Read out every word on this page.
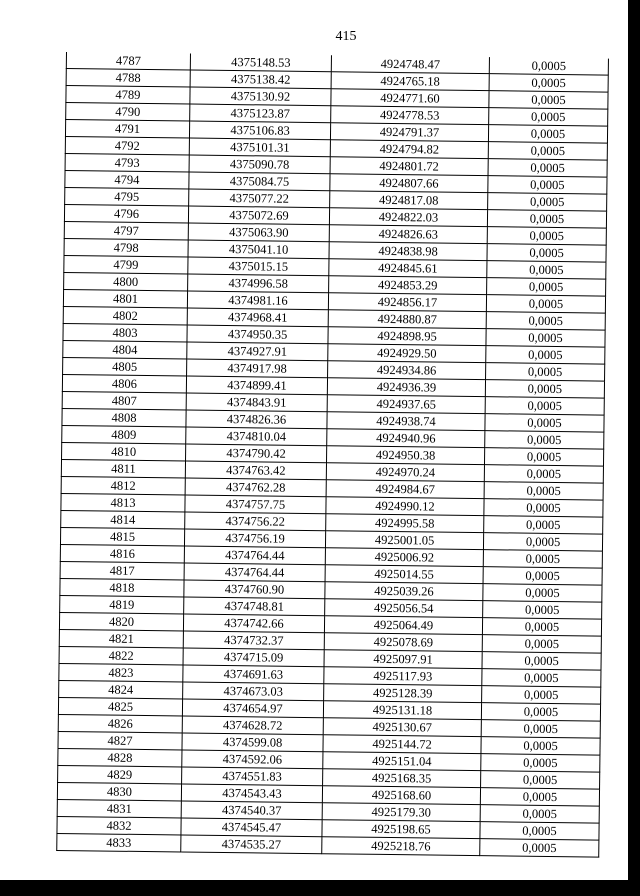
415
4787	4375148.53	4924748.47	0,0005
4788	4375138.42	4924765.18	0,0005
4789	4375130.92	4924771.60	0,0005
4790	4375123.87	4924778.53	0,0005
4791	4375106.83	4924791.37	0,0005
4792	4375101.31	4924794.82	0,0005
4793	4375090.78	4924801.72	0,0005
4794	4375084.75	4924807.66	0,0005
4795	4375077.22	4924817.08	0,0005
4796	4375072.69	4924822.03	0,0005
4797	4375063.90	4924826.63	0,0005
4798	4375041.10	4924838.98	0,0005
4799	4375015.15	4924845.61	0,0005
4800	4374996.58	4924853.29	0,0005
4801	4374981.16	4924856.17	0,0005
4802	4374968.41	4924880.87	0,0005
4803	4374950.35	4924898.95	0,0005
4804	4374927.91	4924929.50	0,0005
4805	4374917.98	4924934.86	0,0005
4806	4374899.41	4924936.39	0,0005
4807	4374843.91	4924937.65	0,0005
4808	4374826.36	4924938.74	0,0005
4809	4374810.04	4924940.96	0,0005
4810	4374790.42	4924950.38	0,0005
4811	4374763.42	4924970.24	0,0005
4812	4374762.28	4924984.67	0,0005
4813	4374757.75	4924990.12	0,0005
4814	4374756.22	4924995.58	0,0005
4815	4374756.19	4925001.05	0,0005
4816	4374764.44	4925006.92	0,0005
4817	4374764.44	4925014.55	0,0005
4818	4374760.90	4925039.26	0,0005
4819	4374748.81	4925056.54	0,0005
4820	4374742.66	4925064.49	0,0005
4821	4374732.37	4925078.69	0,0005
4822	4374715.09	4925097.91	0,0005
4823	4374691.63	4925117.93	0,0005
4824	4374673.03	4925128.39	0,0005
4825	4374654.97	4925131.18	0,0005
4826	4374628.72	4925130.67	0,0005
4827	4374599.08	4925144.72	0,0005
4828	4374592.06	4925151.04	0,0005
4829	4374551.83	4925168.35	0,0005
4830	4374543.43	4925168.60	0,0005
4831	4374540.37	4925179.30	0,0005
4832	4374545.47	4925198.65	0,0005
4833	4374535.27	4925218.76	0,0005
